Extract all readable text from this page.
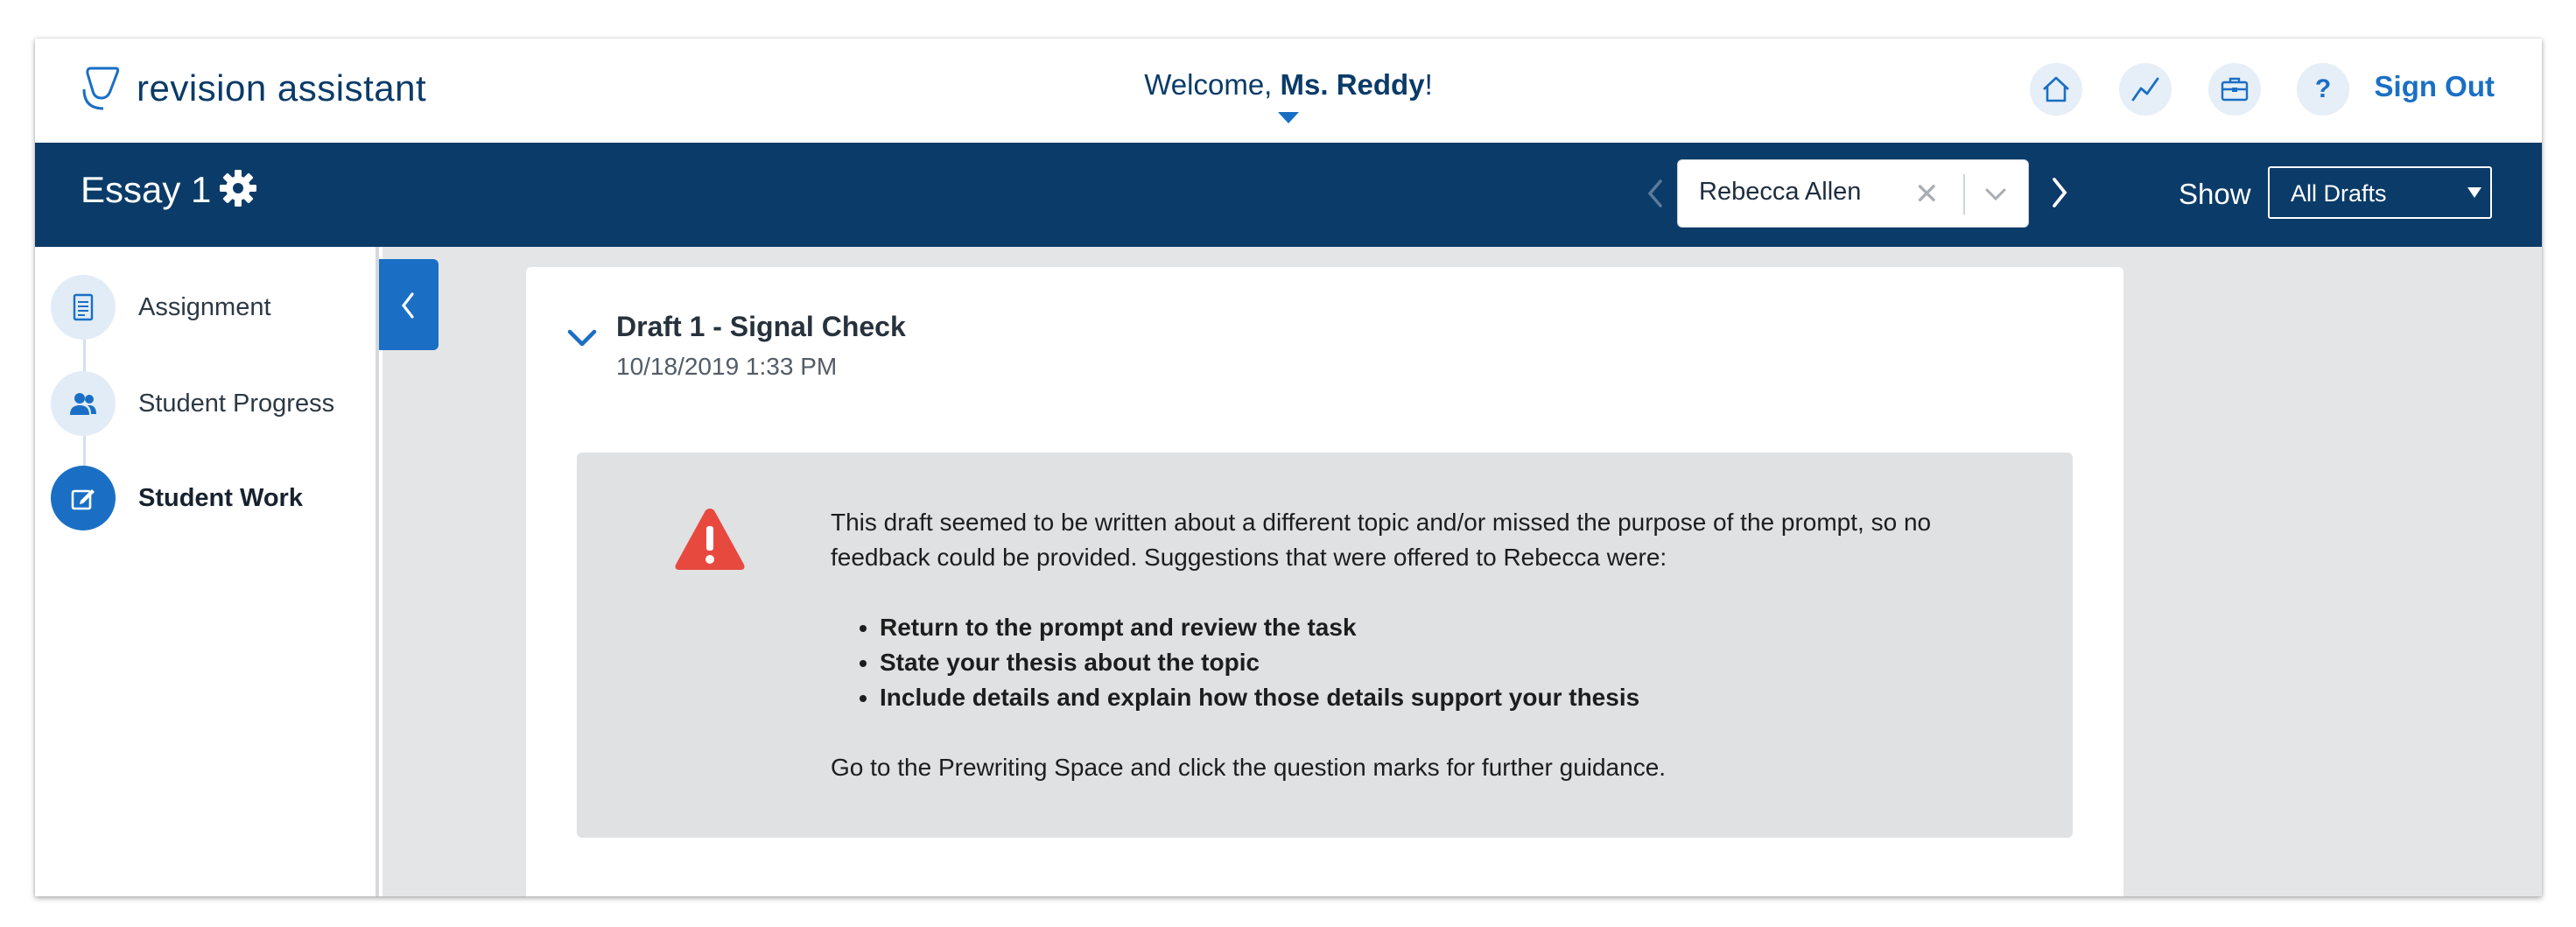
revision assistant	Welcome, Ms. Reddy!	? Sign Out
Essay 1	Rebecca Allen ✕	Show All Drafts
Assignment
Student Progress
Student Work
Draft 1 - Signal Check
10/18/2019 1:33 PM

This draft seemed to be written about a different topic and/or missed the purpose of the prompt, so no feedback could be provided. Suggestions that were offered to Rebecca were:

• Return to the prompt and review the task
• State your thesis about the topic
• Include details and explain how those details support your thesis

Go to the Prewriting Space and click the question marks for further guidance.
